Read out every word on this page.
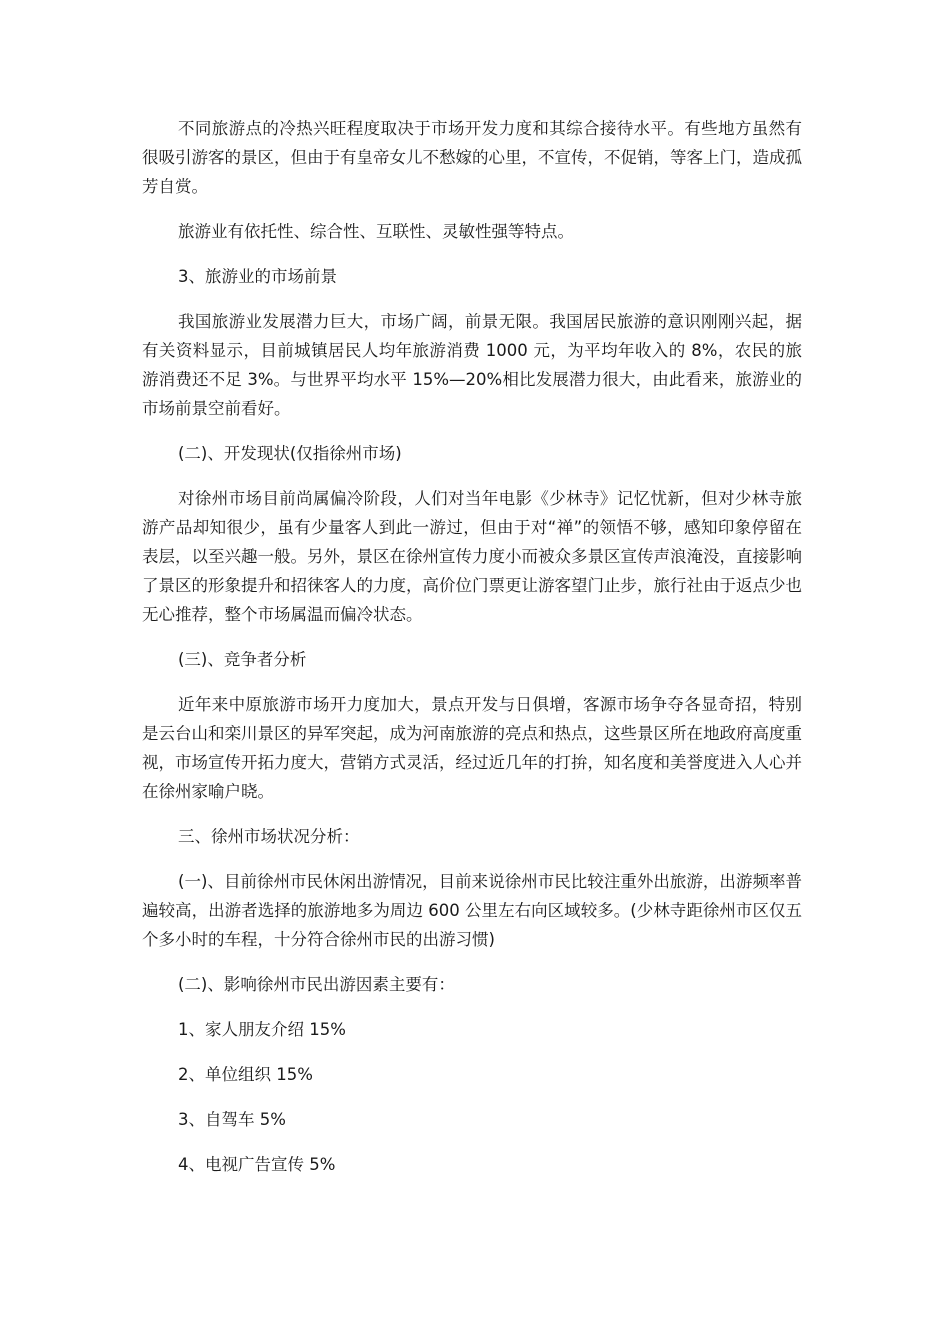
不同旅游点的冷热兴旺程度取决于市场开发力度和其综合接待水平。有些地方虽然有很吸引游客的景区，但由于有皇帝女儿不愁嫁的心里，不宣传，不促销，等客上门，造成孤芳自赏。

旅游业有依托性、综合性、互联性、灵敏性强等特点。

3、旅游业的市场前景

我国旅游业发展潜力巨大，市场广阔，前景无限。我国居民旅游的意识刚刚兴起，据有关资料显示，目前城镇居民人均年旅游消费 1000 元，为平均年收入的 8%，农民的旅游消费还不足 3%。与世界平均水平 15%—20%相比发展潜力很大，由此看来，旅游业的市场前景空前看好。

(二)、开发现状(仅指徐州市场)

对徐州市场目前尚属偏冷阶段，人们对当年电影《少林寺》记忆忧新，但对少林寺旅游产品却知很少，虽有少量客人到此一游过，但由于对“禅”的领悟不够，感知印象停留在表层，以至兴趣一般。另外，景区在徐州宣传力度小而被众多景区宣传声浪淹没，直接影响了景区的形象提升和招徕客人的力度，高价位门票更让游客望门止步，旅行社由于返点少也无心推荐，整个市场属温而偏冷状态。

(三)、竞争者分析

近年来中原旅游市场开力度加大，景点开发与日俱增，客源市场争夺各显奇招，特别是云台山和栾川景区的异军突起，成为河南旅游的亮点和热点，这些景区所在地政府高度重视，市场宣传开拓力度大，营销方式灵活，经过近几年的打拚，知名度和美誉度进入人心并在徐州家喻户晓。

三、徐州市场状况分析：

(一)、目前徐州市民休闲出游情况，目前来说徐州市民比较注重外出旅游，出游频率普遍较高，出游者选择的旅游地多为周边 600 公里左右向区域较多。(少林寺距徐州市区仅五个多小时的车程，十分符合徐州市民的出游习惯)

(二)、影响徐州市民出游因素主要有：

1、家人朋友介绍 15%

2、单位组织 15%

3、自驾车 5%

4、电视广告宣传 5%
